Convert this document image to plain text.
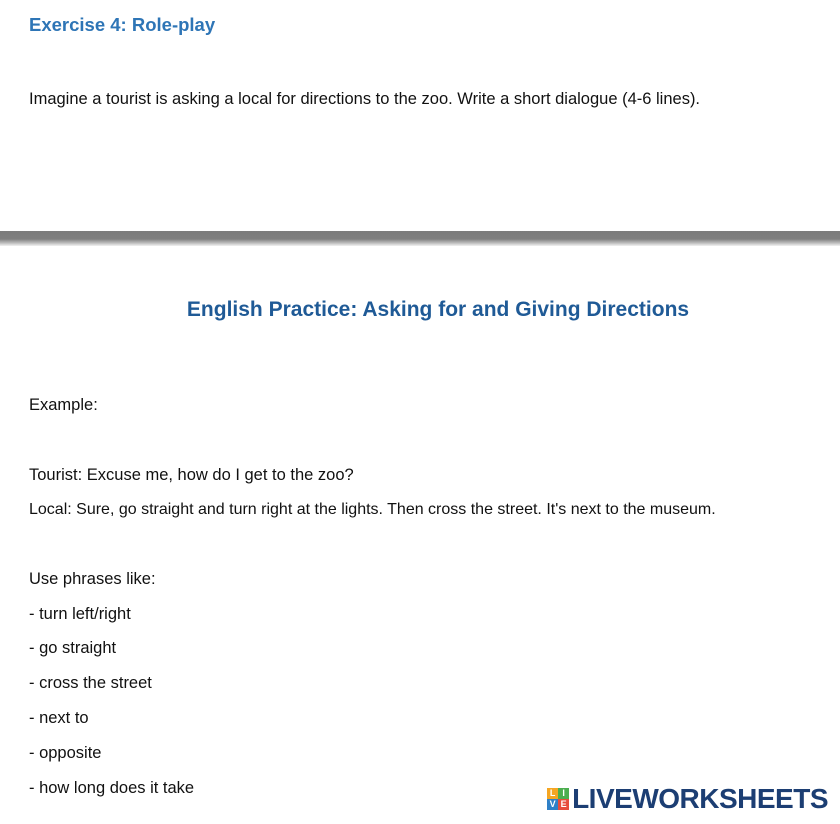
Exercise 4: Role-play
Imagine a tourist is asking a local for directions to the zoo. Write a short dialogue (4-6 lines).
English Practice: Asking for and Giving Directions
Example:
Tourist: Excuse me, how do I get to the zoo?
Local: Sure, go straight and turn right at the lights. Then cross the street. It's next to the museum.
Use phrases like:
- turn left/right
- go straight
- cross the street
- next to
- opposite
- how long does it take	L I
V E LIVEWORKSHEETS
